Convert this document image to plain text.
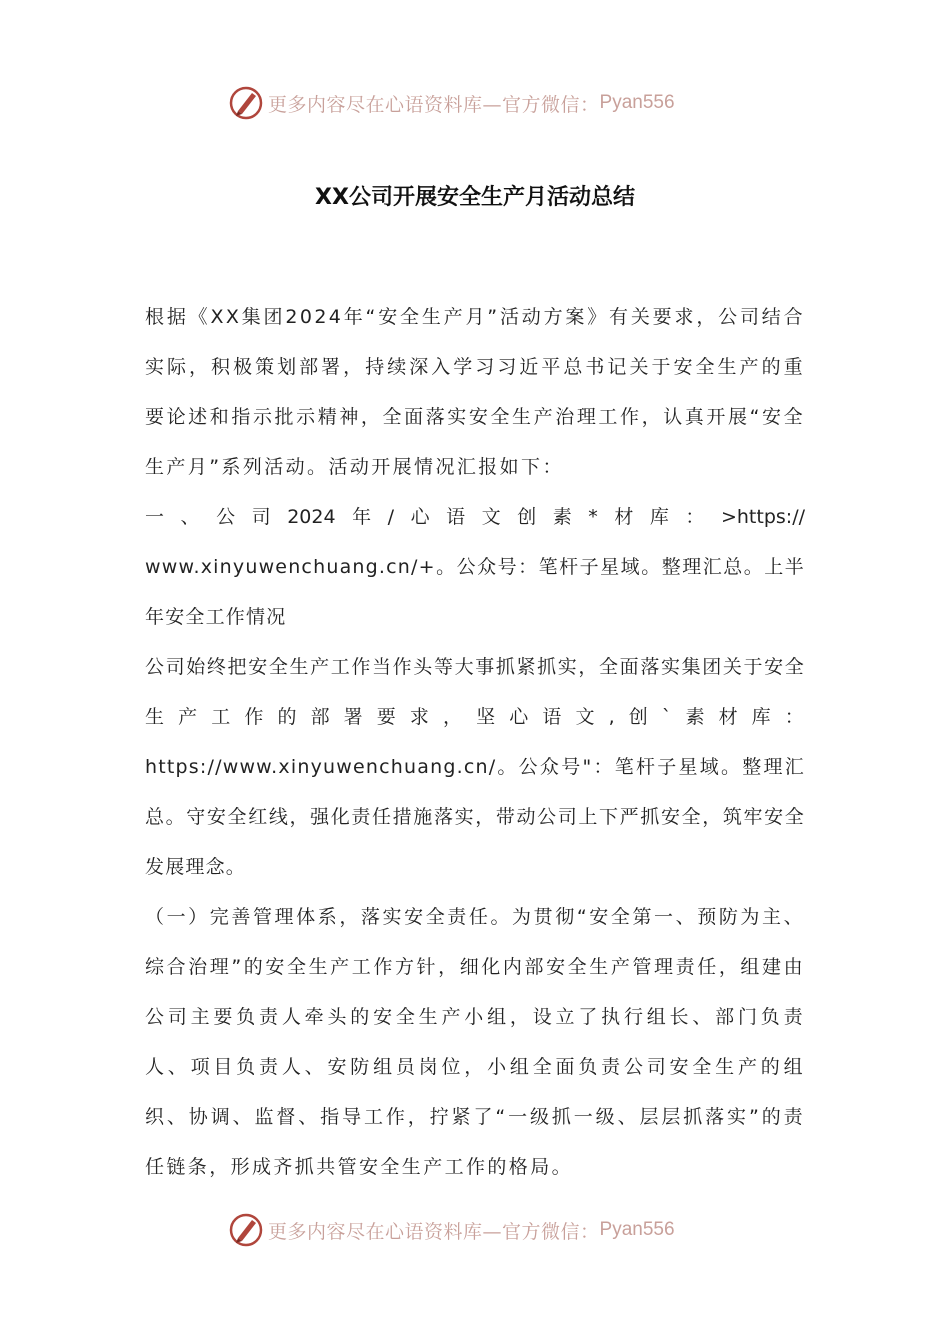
更多内容尽在心语资料库—官方微信： Pyan556
XX公司开展安全生产月活动总结

根据《XX集团2024年“安全生产月”活动方案》有关要求，公司结合实际，积极策划部署，持续深入学习习近平总书记关于安全生产的重要论述和指示批示精神，全面落实安全生产治理工作，认真开展“安全生产月”系列活动。活动开展情况汇报如下：

一 、 公 司 2024 年 / 心 语 文 创 素 * 材 库 ： >https://

www.xinyuwenchuang.cn/+。公众号：笔杆子星域。整理汇总。上半年安全工作情况

公司始终把安全生产工作当作头等大事抓紧抓实，全面落实集团关于安全生产工作的部署要求，坚心语文,创`素材库：https://www.xinyuwenchuang.cn/。公众号"：笔杆子星域。整理汇总。守安全红线，强化责任措施落实，带动公司上下严抓安全，筑牢安全发展理念。

（一）完善管理体系，落实安全责任。为贯彻“安全第一、预防为主、综合治理”的安全生产工作方针，细化内部安全生产管理责任，组建由公司主要负责人牵头的安全生产小组，设立了执行组长、部门负责人、项目负责人、安防组员岗位，小组全面负责公司安全生产的组织、协调、监督、指导工作，拧紧了“一级抓一级、层层抓落实”的责任链条，形成齐抓共管安全生产工作的格局。

更多内容尽在心语资料库—官方微信： Pyan556
